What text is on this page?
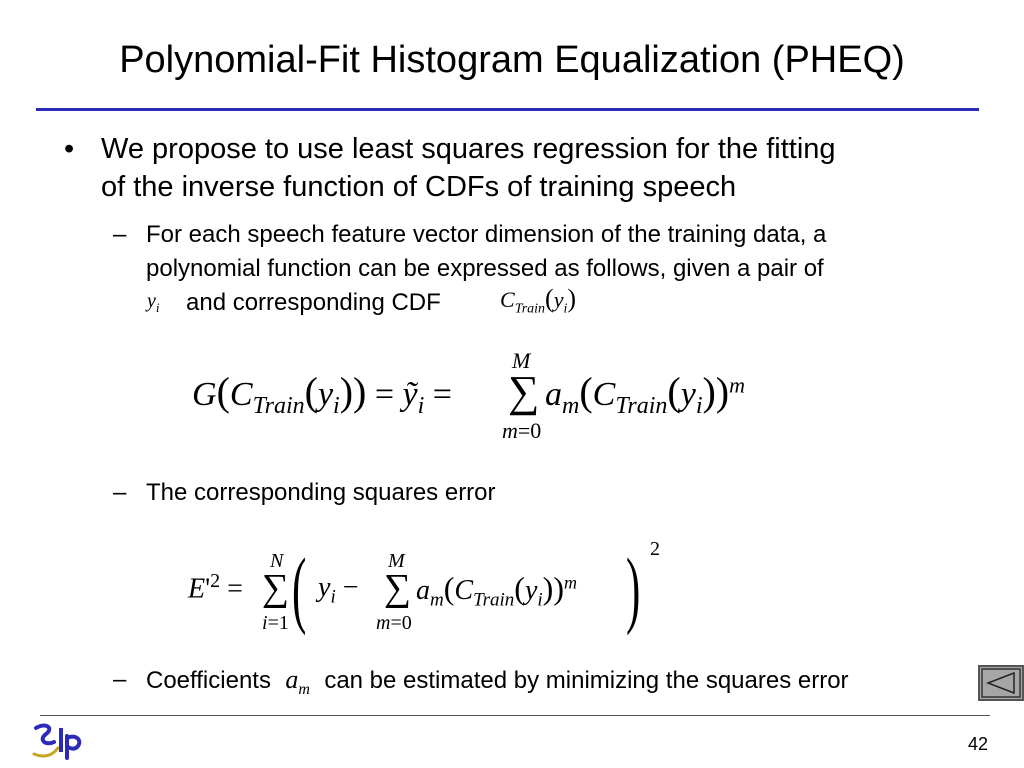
Polynomial-Fit Histogram Equalization (PHEQ)
• We propose to use least squares regression for the fitting
of the inverse function of CDFs of training speech
– For each speech feature vector dimension of the training data, a
polynomial function can be expressed as follows, given a pair of
$y_i$ and corresponding CDF	$C_{Train}(y_i)$
M
$G(C_{Train}(y_i))$ = $ỹ_i$ = ∑ $a_m(C_{Train}(y_i))^m$
m=0
– The corresponding squares error
N	M
2
$E'^2$ = ∑ ( $y_i$ − ∑ $a_m(C_{Train}(y_i))^m$ )
i=1	m=0
– Coefficients $a_m$ can be estimated by minimizing the squares error
42
